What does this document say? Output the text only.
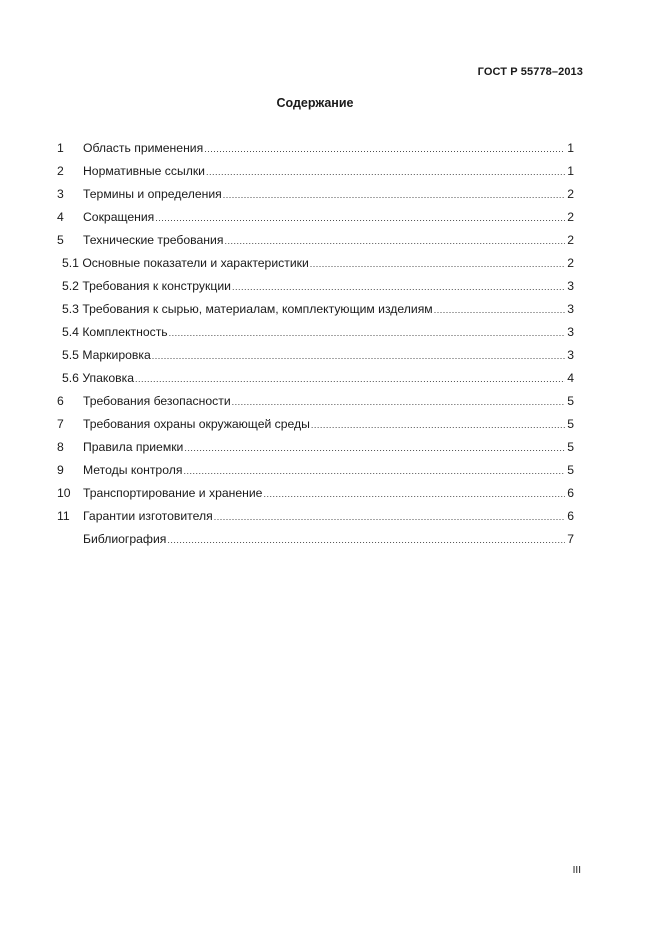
ГОСТ Р 55778–2013
Содержание
1	Область применения .....	1
2	Нормативные ссылки .....	1
3	Термины и определения .....	2
4	Сокращения .....	2
5	Технические требования .....	2
5.1 Основные показатели и характеристики .....	2
5.2 Требования к конструкции .....	3
5.3 Требования к сырью, материалам, комплектующим изделиям .....	3
5.4 Комплектность .....	3
5.5 Маркировка .....	3
5.6 Упаковка .....	4
6	Требования безопасности .....	5
7	Требования охраны окружающей среды .....	5
8	Правила приемки .....	5
9	Методы контроля .....	5
10	Транспортирование и хранение .....	6
11	Гарантии изготовителя .....	6
Библиография .....	7
III
